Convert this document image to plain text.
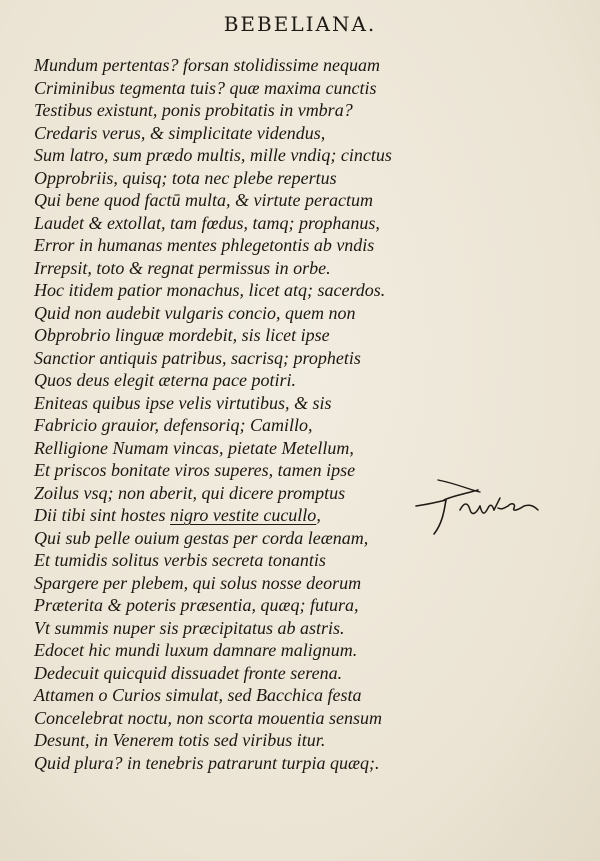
BEBELIANA.
Mundum pertentas? forsan stolidissime nequam
Criminibus tegmenta tuis? quæ maxima cunctis
Testibus existunt, ponis probitatis in vmbra?
Credaris verus, & simplicitate videndus,
Sum latro, sum prædo multis, mille vndiq; cinctus
Opprobriis, quisq; tota nec plebe repertus
Qui bene quod factū multa, & virtute peractum
Laudet & extollat, tam fœdus, tamq; prophanus,
Error in humanas mentes phlegetontis ab vndis
Irrepsit, toto & regnat permissus in orbe.
Hoc itidem patior monachus, licet atq; sacerdos.
Quid non audebit vulgaris concio, quem non
Obprobrio linguæ mordebit, sis licet ipse
Sanctior antiquis patribus, sacrisq; prophetis
Quos deus elegit æterna pace potiri.
Eniteas quibus ipse velis virtutibus, & sis
Fabricio grauior, defensoriq; Camillo,
Relligione Numam vincas, pietate Metellum,
Et priscos bonitate viros superes, tamen ipse
Zoilus vsq; non aberit, qui dicere promptus
Dii tibi sint hostes nigro vestite cucullo,
Qui sub pelle ouium gestas per corda leænam,
Et tumidis solitus verbis secreta tonantis
Spargere per plebem, qui solus nosse deorum
Præterita & poteris præsentia, quæq; futura,
Vt summis nuper sis præcipitatus ab astris.
Edocet hic mundi luxum damnare malignum.
Dedecuit quicquid dissuadet fronte serena.
Attamen o Curios simulat, sed Bacchica festa
Concelebrat noctu, non scorta mouentia sensum
Desunt, in Venerem totis sed viribus itur.
Quid plura? in tenebris patrarunt turpia quæq;.
